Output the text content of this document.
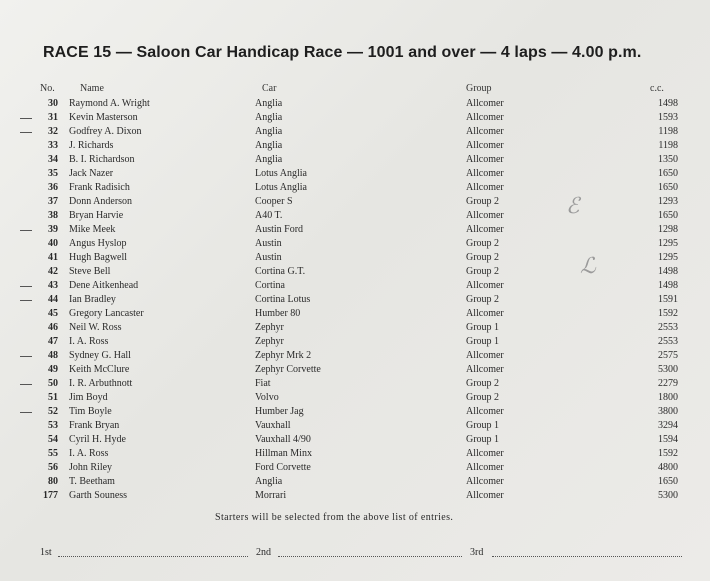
RACE 15 — Saloon Car Handicap Race — 1001 and over — 4 laps — 4.00 p.m.
No.	Name	Car	Group	c.c.
30 Raymond A. Wright	Anglia	Allcomer	1498
31 Kevin Masterson	Anglia	Allcomer	1593
32 Godfrey A. Dixon	Anglia	Allcomer	1198
33 J. Richards	Anglia	Allcomer	1198
34 B. I. Richardson	Anglia	Allcomer	1350
35 Jack Nazer	Lotus Anglia	Allcomer	1650
36 Frank Radisich	Lotus Anglia	Allcomer	1650
37 Donn Anderson	Cooper S	Group 2	1293
38 Bryan Harvie	A40 T.	Allcomer	1650
39 Mike Meek	Austin Ford	Allcomer	1298
40 Angus Hyslop	Austin	Group 2	1295
41 Hugh Bagwell	Austin	Group 2	1295
42 Steve Bell	Cortina G.T.	Group 2	1498
43 Dene Aitkenhead	Cortina	Allcomer	1498
44 Ian Bradley	Cortina Lotus	Group 2	1591
45 Gregory Lancaster	Humber 80	Allcomer	1592
46 Neil W. Ross	Zephyr	Group 1	2553
47 I. A. Ross	Zephyr	Group 1	2553
48 Sydney G. Hall	Zephyr Mrk 2	Allcomer	2575
49 Keith McClure	Zephyr Corvette	Allcomer	5300
50 I. R. Arbuthnott	Fiat	Group 2	2279
51 Jim Boyd	Volvo	Group 2	1800
52 Tim Boyle	Humber Jag	Allcomer	3800
53 Frank Bryan	Vauxhall	Group 1	3294
54 Cyril H. Hyde	Vauxhall 4/90	Group 1	1594
55 I. A. Ross	Hillman Minx	Allcomer	1592
56 John Riley	Ford Corvette	Allcomer	4800
80 T. Beetham	Anglia	Allcomer	1650
177 Garth Souness	Morrari	Allcomer	5300
ℰ
ℒ
Starters will be selected from the above list of entries.
1st	2nd	3rd
